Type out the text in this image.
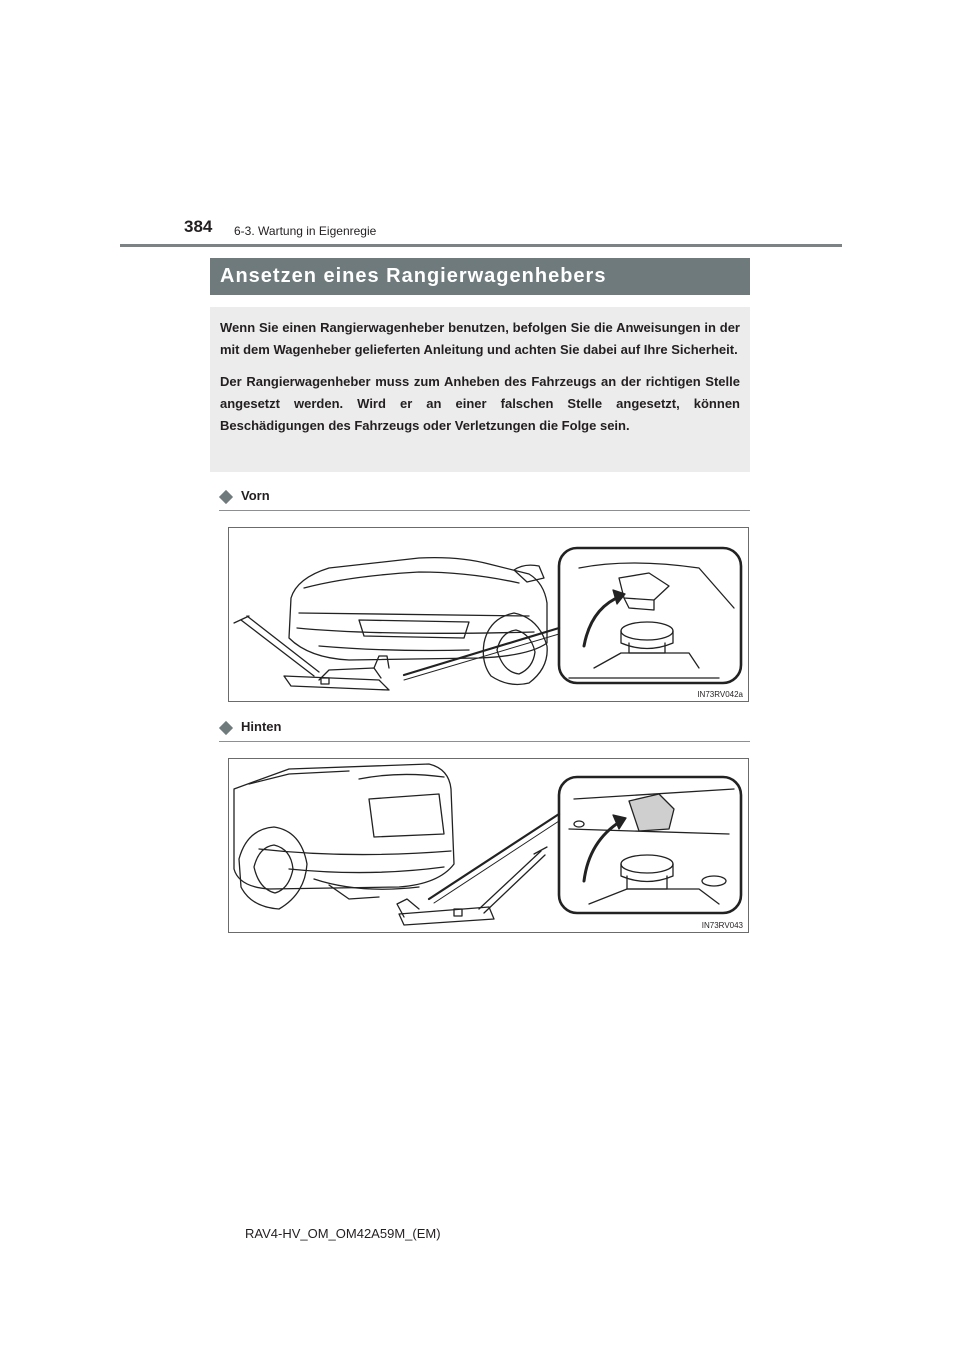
384 6-3. Wartung in Eigenregie
Ansetzen eines Rangierwagenhebers

Wenn Sie einen Rangierwagenheber benutzen, befolgen Sie die Anweisungen in der mit dem Wagenheber gelieferten Anleitung und achten Sie dabei auf Ihre Sicherheit.

Der Rangierwagenheber muss zum Anheben des Fahrzeugs an der richtigen Stelle angesetzt werden. Wird er an einer falschen Stelle angesetzt, können Beschädigungen des Fahrzeugs oder Verletzungen die Folge sein.

Vorn
IN73RV042a
Hinten
IN73RV043
RAV4-HV_OM_OM42A59M_(EM)
